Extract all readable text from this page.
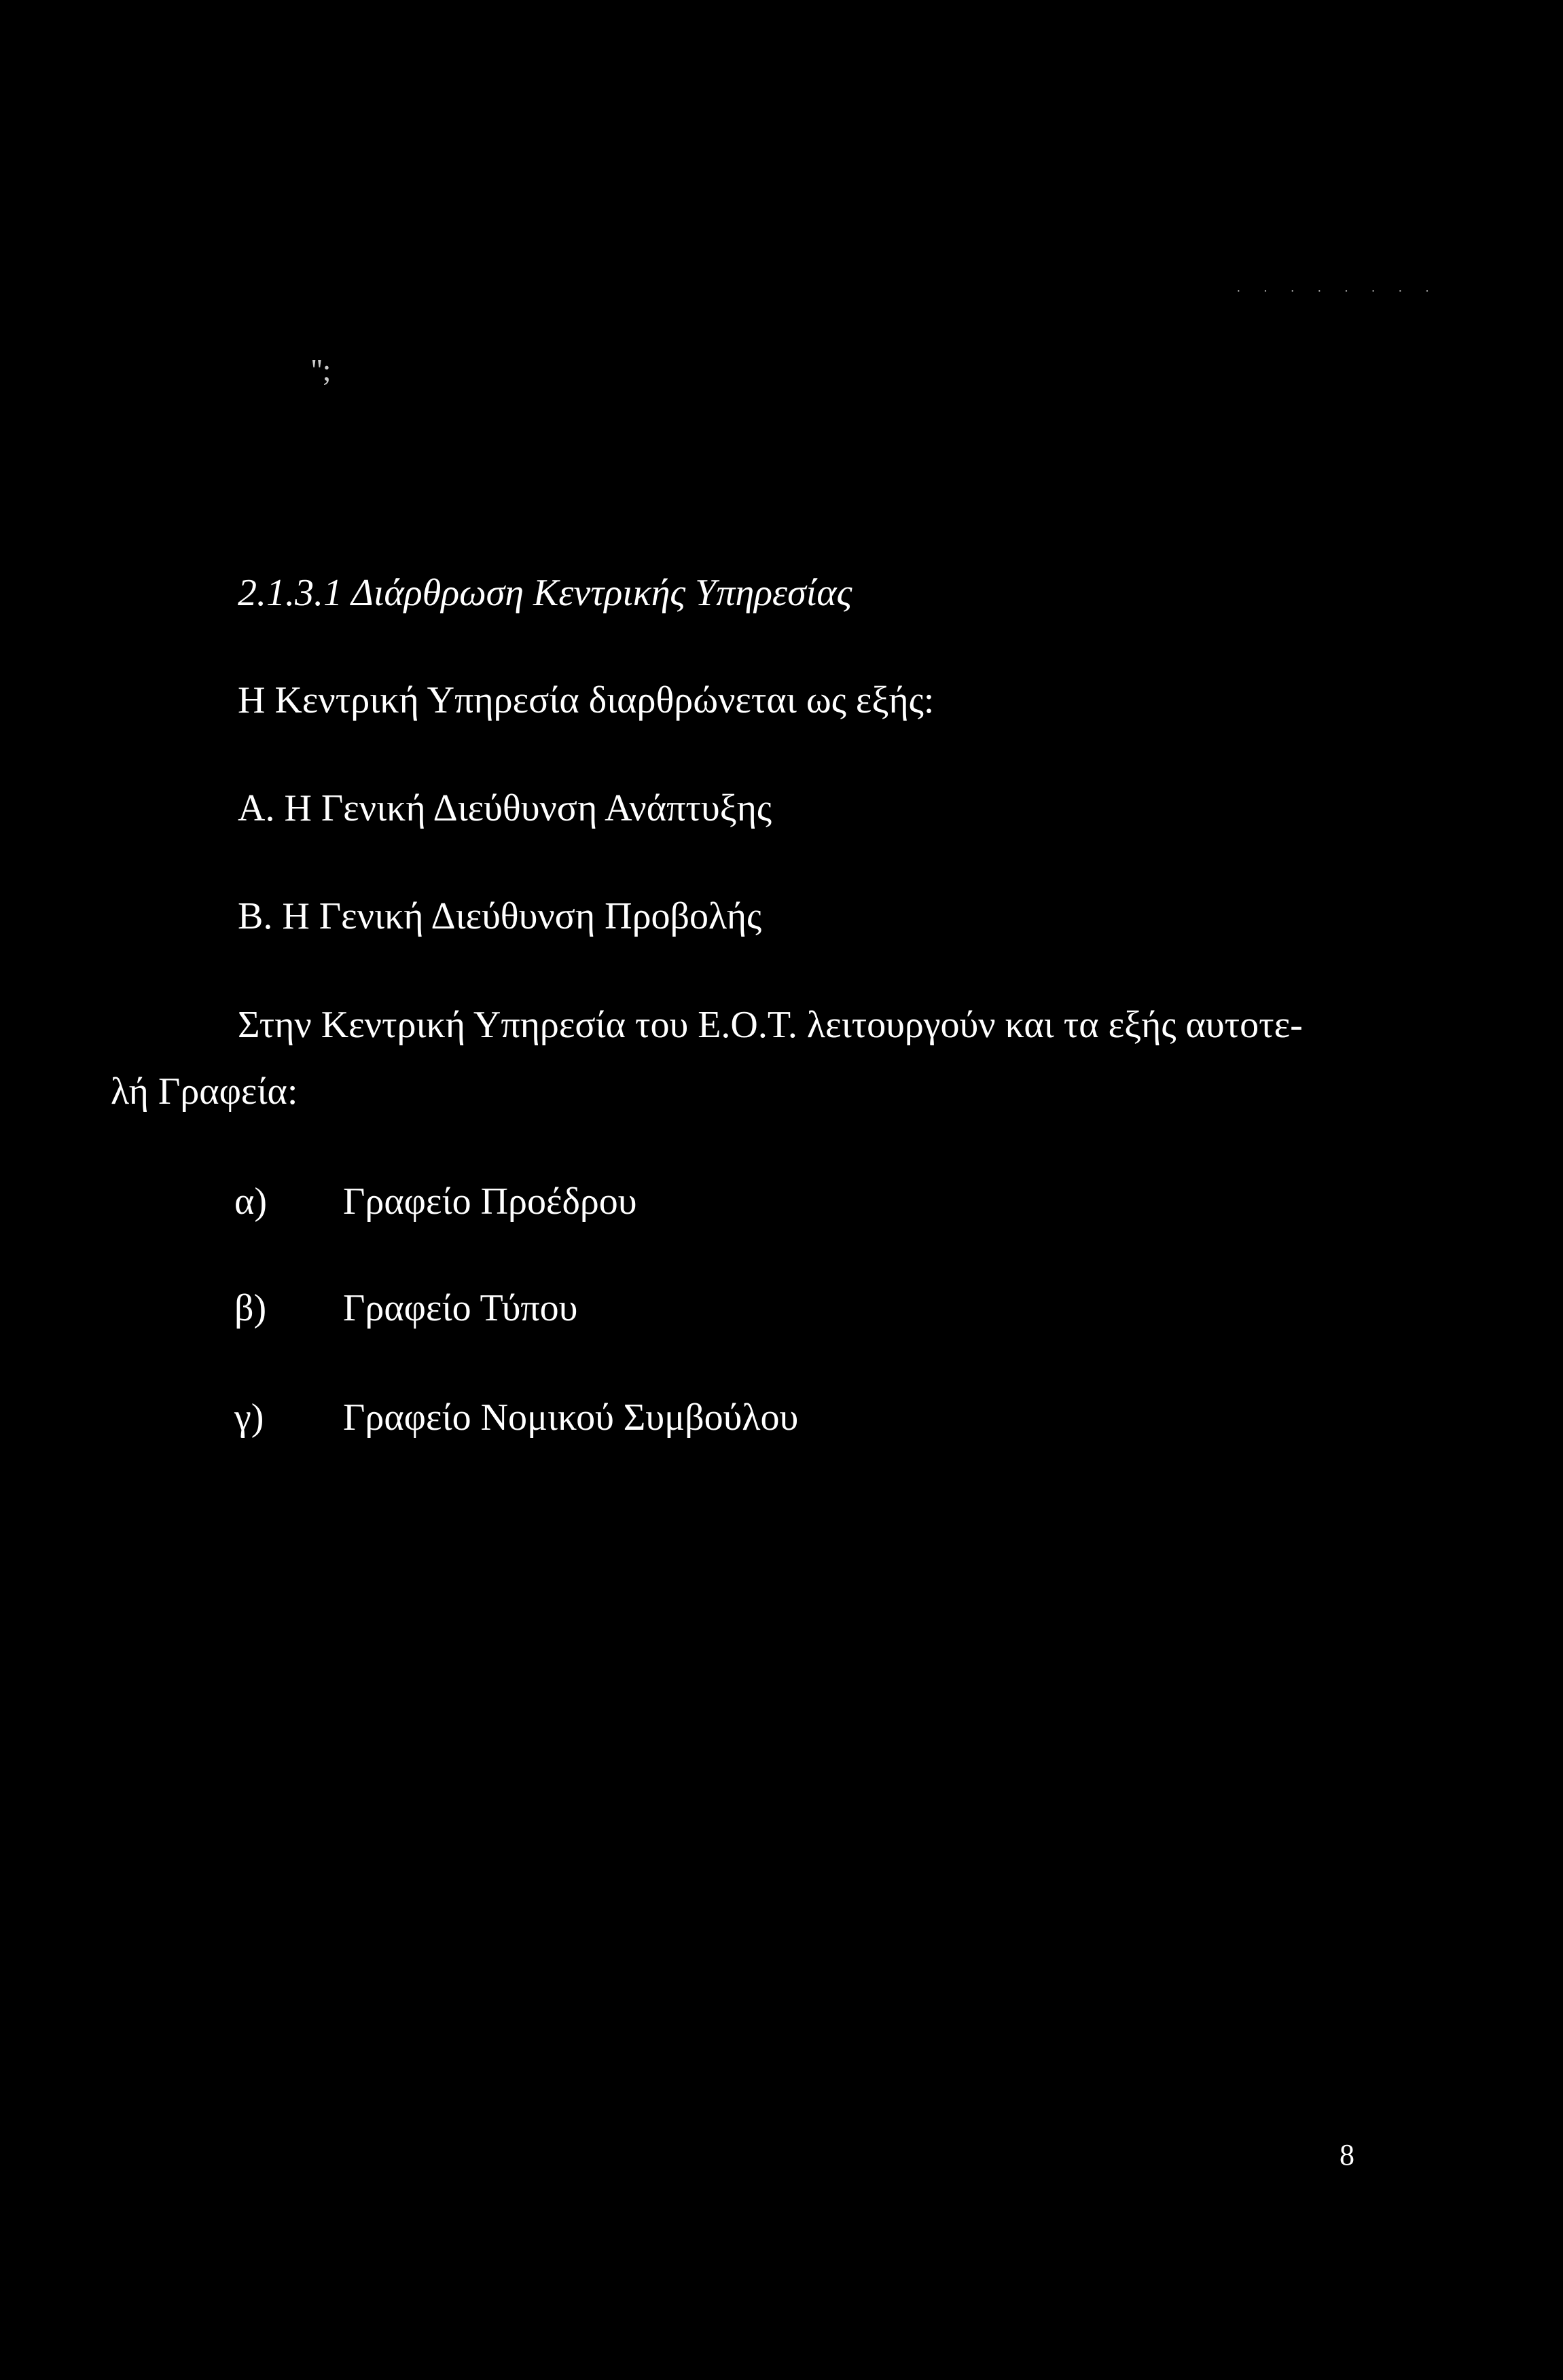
· · · · · · · ·
'';
2.1.3.1 Διάρθρωση Κεντρικής Υπηρεσίας
Η Κεντρική Υπηρεσία διαρθρώνεται ως εξής:
Α. Η Γενική Διεύθυνση Ανάπτυξης
Β. Η Γενική Διεύθυνση Προβολής
Στην Κεντρική Υπηρεσία του Ε.Ο.Τ. λειτουργούν και τα εξής αυτοτε-
λή Γραφεία:
α) Γραφείο Προέδρου
β) Γραφείο Τύπου
γ) Γραφείο Νομικού Συμβούλου
8
